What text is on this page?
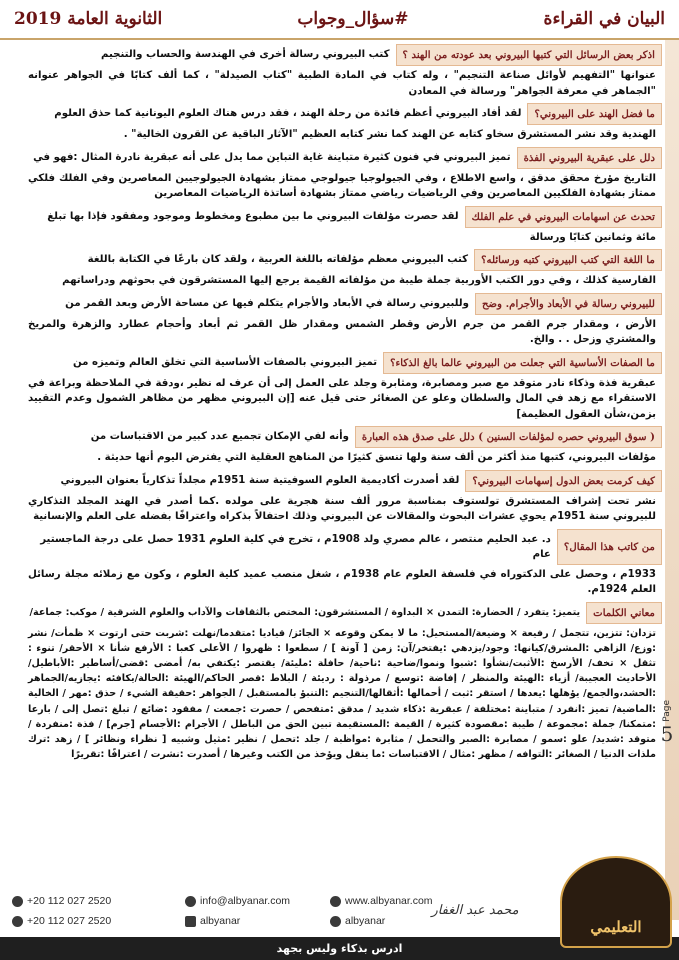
البيان في القراءة
#سؤال_وجواب
الثانوية العامة 2019
اذكر بعض الرسائل التي كتبها البيروني بعد عودته من الهند ؟
كتب البيروني رسالة أخرى في الهندسة والحساب والتنجيم
عنوانها "التفهيم لأوائل صناعة التنجيم" ، وله كتاب في المادة الطبية "كتاب الصيدلة" ، كما ألف كتابًا في الجواهر عنوانه "الجماهر في معرفة الجواهر" ورسالة في المعادن
ما فضل الهند على البيروني؟
لقد أفاد البيروني أعظم فائدة من رحلة الهند ، فقد درس هناك العلوم اليونانية كما حذق العلوم
الهندية وقد نشر المستشرق سخاو كتابه عن الهند كما نشر كتابه العظيم "الآثار الباقية عن القرون الخالية" .
دلل على عبقرية البيروني الفذة
تميز البيروني في فنون كثيرة متباينة غاية التباين مما يدل على أنه عبقرية نادرة المثال :فهو في
التاريخ مؤرخ محقق مدقق ، واسع الاطلاع ، وفي الجيولوجيا جيولوجي ممتاز بشهادة الجيولوجيين المعاصرين وفي الفلك فلكي ممتاز بشهادة الفلكيين المعاصرين وفي الرياضيات رياضي ممتاز بشهادة أساتذة الرياضيات المعاصرين
تحدث عن اسهامات البيروني في علم الفلك
لقد حصرت مؤلفات البيروني ما بين مطبوع ومخطوط وموجود ومفقود فإذا بها تبلغ
مائة وثمانين كتابًا ورسالة
ما اللغة التي كتب البيروني كتبه ورسائله؟
كتب البيروني معظم مؤلفاته باللغة العربية ، ولقد كان بارعًا في الكتابة باللغة
الفارسية كذلك ، وفي دور الكتب الأوربية جملة طيبة من مؤلفاته القيمة يرجع إليها المستشرقون في بحوثهم ودراساتهم
للبيروني رسالة في الأبعاد والأجرام. وضح
وللبيروني رسالة في الأبعاد والأجرام يتكلم فيها عن مساحة الأرض وبعد القمر من
الأرض ، ومقدار جرم القمر من جرم الأرض وقطر الشمس ومقدار ظل القمر ثم أبعاد وأحجام عطارد والزهرة والمريخ والمشتري وزحل . . والخ.
ما الصفات الأساسية التي جعلت من البيروني عالما بالغ الذكاء؟
تميز البيروني بالصفات الأساسية التي تخلق العالم وتميزه من
عبقرية فذة وذكاء نادر متوقد مع صبر ومصابرة، ومثابرة وجلد على العمل إلى أن عرف له نظير ،ودقة في الملاحظة وبراعة في الاستقراء مع زهد في المال والسلطان وعلو عن الصغائر حتى قيل عنه [إن البيروني مظهر من مظاهر الشمول وعدم التقييد بزمن،شأن العقول العظيمة]
( سوق البيروني حصره لمؤلفات السنين ) دلل على صدق هذه العبارة
وأنه لفي الإمكان تجميع عدد كبير من الاقتباسات من
مؤلفات البيروني، كتبها منذ أكثر من ألف سنة ولها تنسق كثيرًا من المناهج العقلية التي يفترض اليوم أنها حديثة .
كيف كرمت بعض الدول إسهامات البيروني؟
لقد أصدرت أكاديمية العلوم السوفيتية سنة 1951م مجلداً تذكارياً بعنوان البيروني
نشر تحت إشراف المستشرق تولستوف بمناسبة مرور ألف سنة هجرية على مولده .كما أصدر في الهند المجلد التذكاري للبيروني سنة 1951م يحوي عشرات البحوث والمقالات عن البيروني وذلك احتفالاً بذكراه واعترافًا بفضله على العلم والإنسانية
من كاتب هذا المقال؟
د. عبد الحليم منتصر ، عالم مصري ولد 1908م ، تخرج في كلية العلوم 1931 حصل على درجة الماجستير عام
1933م ، وحصل على الدكتوراه في فلسفة العلوم عام 1938م ، شغل منصب عميد كلية العلوم ، وكون مع زملائه مجلة رسائل العلم 1924م.
معاني الكلمات
يتميز: يتفرد / الحضارة: التمدن × البداوة / المستشرقون: المختص بالثقافات والآداب والعلوم الشرقية / موكب: جماعة/
تزدان: تتزين، تتجمل / رفيعة × وضيعة/المستحيل: ما لا يمكن وقوعه × الجائز/ قياديا :متقدما/نهلت :شربت حتى ارتوت × ظمأت/ نشر :وزع/ الزاهي :المشرق/كيانها: وجود/يزدهي :يفتخر/آن: زمن [ آونة ] / سطعوا : ظهروا / الأعلى كعبا : الأرفع شأنا × الأحقر/ تنوء : تثقل × تخف/ الأرسخ :الأثبت/نشأوا :شبوا ونموا/ضاحية :ناحية/ حافلة :مليئة/ يقتصر :يكتفي به/ أمضى :قضى/أساطير :الأباطيل/الأحاديث العجيبة/ أزياء :الهيئة والمنظر / إفاضة :توسع / مرذولة : رديئة / البلاط :قصر الحاكم/الهيئة :الحالة/يكافئه :يجازيه/الجماهر :الحشد،والجمع/ يؤهلها :يعدها / استقر :ثبت / أحمالها :أثقالها/التنجيم :التنبؤ بالمستقبل / الجواهر :حقيقة الشيء / حذق :مهر / الخالية :الماضية/ تميز :انفرد / متباينة :مختلفة / عبقرية :ذكاء شديد / مدقق :متفحص / حصرت :جمعت / مفقود :ضائع / تبلغ :تصل إلى / بارعا :متمكنا/ جملة :مجموعة / طيبة :مقصودة كثيرة / القيمة :المستقيمة تبين الحق من الباطل / الأجرام :الأجسام [جرم] / فذة :منفردة / متوقد :شديد/ علو :سمو / مصابرة :الصبر والتحمل / مثابرة :مواظبة / جلد :تحمل / نظير :مثيل وشبيه [ نظراء ونظائر ] / زهد :ترك ملذات الدنيا / الصغائر :التوافه / مظهر :مثال / الاقتباسات :ما ينقل ويؤخذ من الكتب وغيرها / أصدرت :نشرت / اعترافًا :تقريرًا
Page
5
+20 112 027 2520
+20 112 027 2520
info@albyanar.com
albyanar
www.albyanar.com
albyanar
ادرس بذكاء وليس بجهد
محمد عبد الغفار
التعليمي
